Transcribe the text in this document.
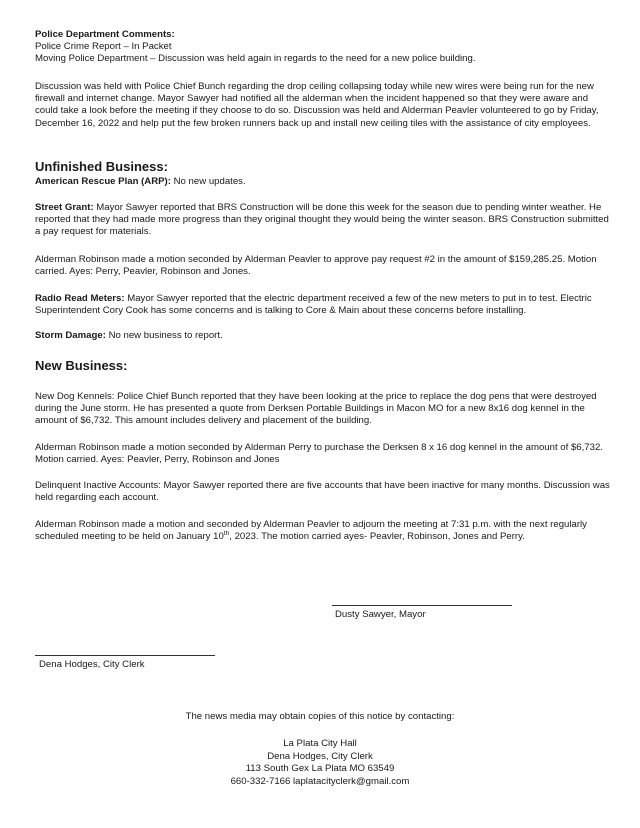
Police Department Comments:
Police Crime Report – In Packet
Moving Police Department – Discussion was held again in regards to the need for a new police building.
Discussion was held with Police Chief Bunch regarding the drop ceiling collapsing today while new wires were being run for the new firewall and internet change. Mayor Sawyer had notified all the alderman when the incident happened so that they were aware and could take a look before the meeting if they choose to do so. Discussion was held and Alderman Peavler volunteered to go by Friday, December 16, 2022 and help put the few broken runners back up and install new ceiling tiles with the assistance of city employees.
Unfinished Business:
American Rescue Plan (ARP): No new updates.
Street Grant: Mayor Sawyer reported that BRS Construction will be done this week for the season due to pending winter weather. He reported that they had made more progress than they original thought they would being the winter season. BRS Construction submitted a pay request for materials.
Alderman Robinson made a motion seconded by Alderman Peavler to approve pay request #2 in the amount of $159,285.25. Motion carried. Ayes: Perry, Peavler, Robinson and Jones.
Radio Read Meters: Mayor Sawyer reported that the electric department received a few of the new meters to put in to test. Electric Superintendent Cory Cook has some concerns and is talking to Core & Main about these concerns before installing.
Storm Damage: No new business to report.
New Business:
New Dog Kennels: Police Chief Bunch reported that they have been looking at the price to replace the dog pens that were destroyed during the June storm. He has presented a quote from Derksen Portable Buildings in Macon MO for a new 8x16 dog kennel in the amount of $6,732. This amount includes delivery and placement of the building.
Alderman Robinson made a motion seconded by Alderman Perry to purchase the Derksen 8 x 16 dog kennel in the amount of $6,732. Motion carried. Ayes: Peavler, Perry, Robinson and Jones
Delinquent Inactive Accounts: Mayor Sawyer reported there are five accounts that have been inactive for many months. Discussion was held regarding each account.
Alderman Robinson made a motion and seconded by Alderman Peavler to adjourn the meeting at 7:31 p.m. with the next regularly scheduled meeting to be held on January 10th, 2023. The motion carried ayes- Peavler, Robinson, Jones and Perry.
Dusty Sawyer, Mayor
Dena Hodges, City Clerk
The news media may obtain copies of this notice by contacting:
La Plata City Hall
Dena Hodges, City Clerk
113 South Gex La Plata MO 63549
660-332-7166 laplatacityclerk@gmail.com
